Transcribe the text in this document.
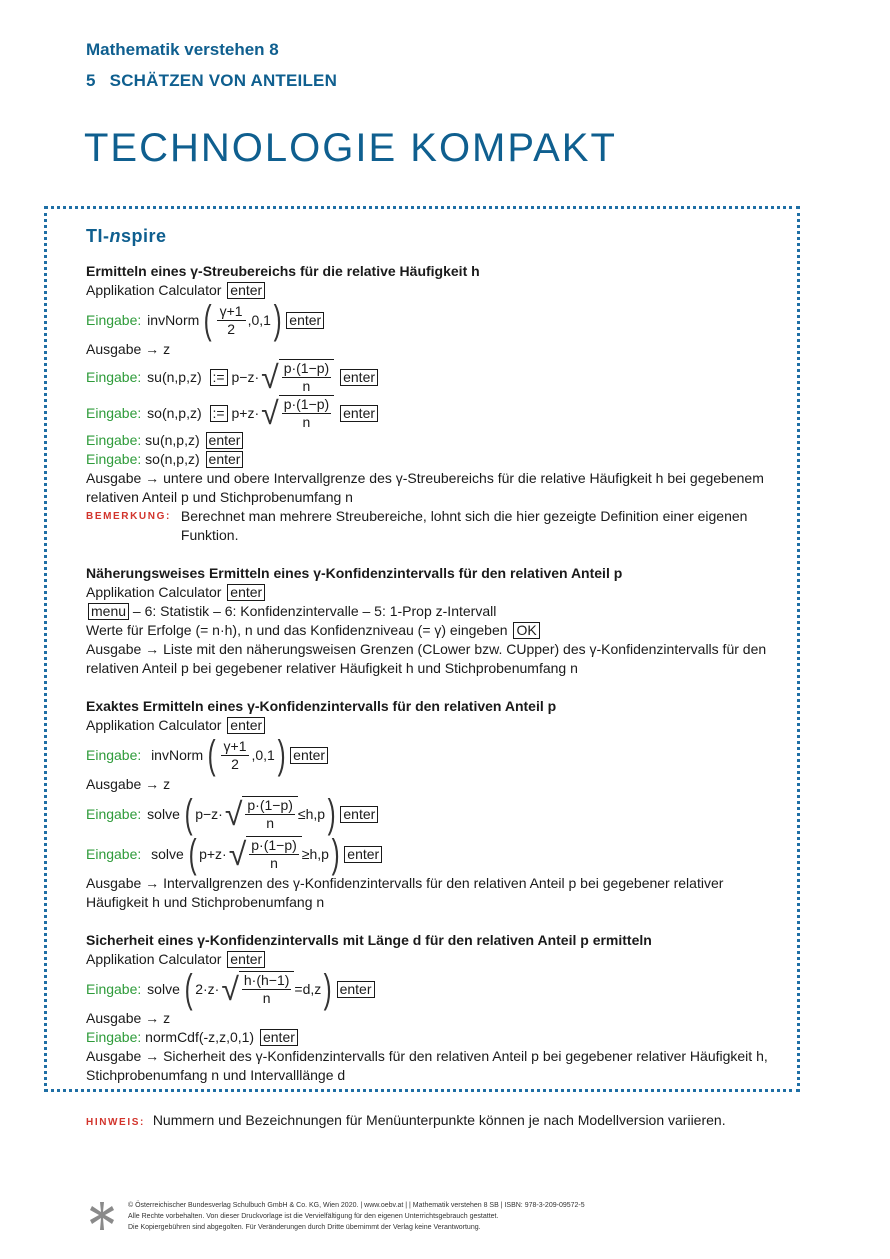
Mathematik verstehen 8
5 SCHÄTZEN VON ANTEILEN
TECHNOLOGIE KOMPAKT
TI-nspire
Ermitteln eines γ-Streubereichs für die relative Häufigkeit h
Applikation Calculator enter
Eingabe:
invNorm ( $\frac{\gamma+1}{2} ,0,1$ ) enter
Ausgabe → z
Eingabe:
su(n,p,z)
:=
p−z· √ $\frac{p\cdot(1-p)}{n}$
enter
Eingabe:
so(n,p,z)
:=
p+z· √ $\frac{p\cdot(1-p)}{n}$
enter
Eingabe: su(n,p,z) enter
Eingabe: so(n,p,z) enter
Ausgabe → untere und obere Intervallgrenze des γ-Streubereichs für die relative Häufigkeit h bei gegebenem relativen Anteil p und Stichprobenumfang n
BEMERKUNG: Berechnet man mehrere Streubereiche, lohnt sich die hier gezeigte Definition einer eigenen Funktion.
Näherungsweises Ermitteln eines γ-Konfidenzintervalls für den relativen Anteil p
Applikation Calculator enter
menu – 6: Statistik – 6: Konfidenzintervalle – 5: 1-Prop z-Intervall
Werte für Erfolge (= n·h), n und das Konfidenzniveau (= γ) eingeben OK
Ausgabe → Liste mit den näherungsweisen Grenzen (CLower bzw. CUpper) des γ-Konfidenzintervalls für den relativen Anteil p bei gegebener relativer Häufigkeit h und Stichprobenumfang n
Exaktes Ermitteln eines γ-Konfidenzintervalls für den relativen Anteil p
Applikation Calculator enter
Eingabe:
invNorm ( $\frac{\gamma+1}{2} ,0,1$ ) enter
Ausgabe → z
Eingabe:
solve ( p−z· √ $\frac{p\cdot(1-p)}{n} \le h,p$ ) enter
Eingabe:
solve ( p+z· √ $\frac{p\cdot(1-p)}{n} \ge h,p$ ) enter
Ausgabe → Intervallgrenzen des γ-Konfidenzintervalls für den relativen Anteil p bei gegebener relativer Häufigkeit h und Stichprobenumfang n
Sicherheit eines γ-Konfidenzintervalls mit Länge d für den relativen Anteil p ermitteln
Applikation Calculator enter
Eingabe:
solve ( 2·z· √ $\frac{h\cdot(h-1)}{n} =d,z$ ) enter
Ausgabe → z
Eingabe: normCdf(-z,z,0,1) enter
Ausgabe → Sicherheit des γ-Konfidenzintervalls für den relativen Anteil p bei gegebener relativer Häufigkeit h, Stichprobenumfang n und Intervalllänge d
HINWEIS: Nummern und Bezeichnungen für Menüunterpunkte können je nach Modellversion variieren.
© Österreichischer Bundesverlag Schulbuch GmbH & Co. KG, Wien 2020. | www.oebv.at | | Mathematik verstehen 8 SB | ISBN: 978-3-209-09572-5
Alle Rechte vorbehalten. Von dieser Druckvorlage ist die Vervielfältigung für den eigenen Unterrichtsgebrauch gestattet.
Die Kopiergebühren sind abgegolten. Für Veränderungen durch Dritte übernimmt der Verlag keine Verantwortung.
